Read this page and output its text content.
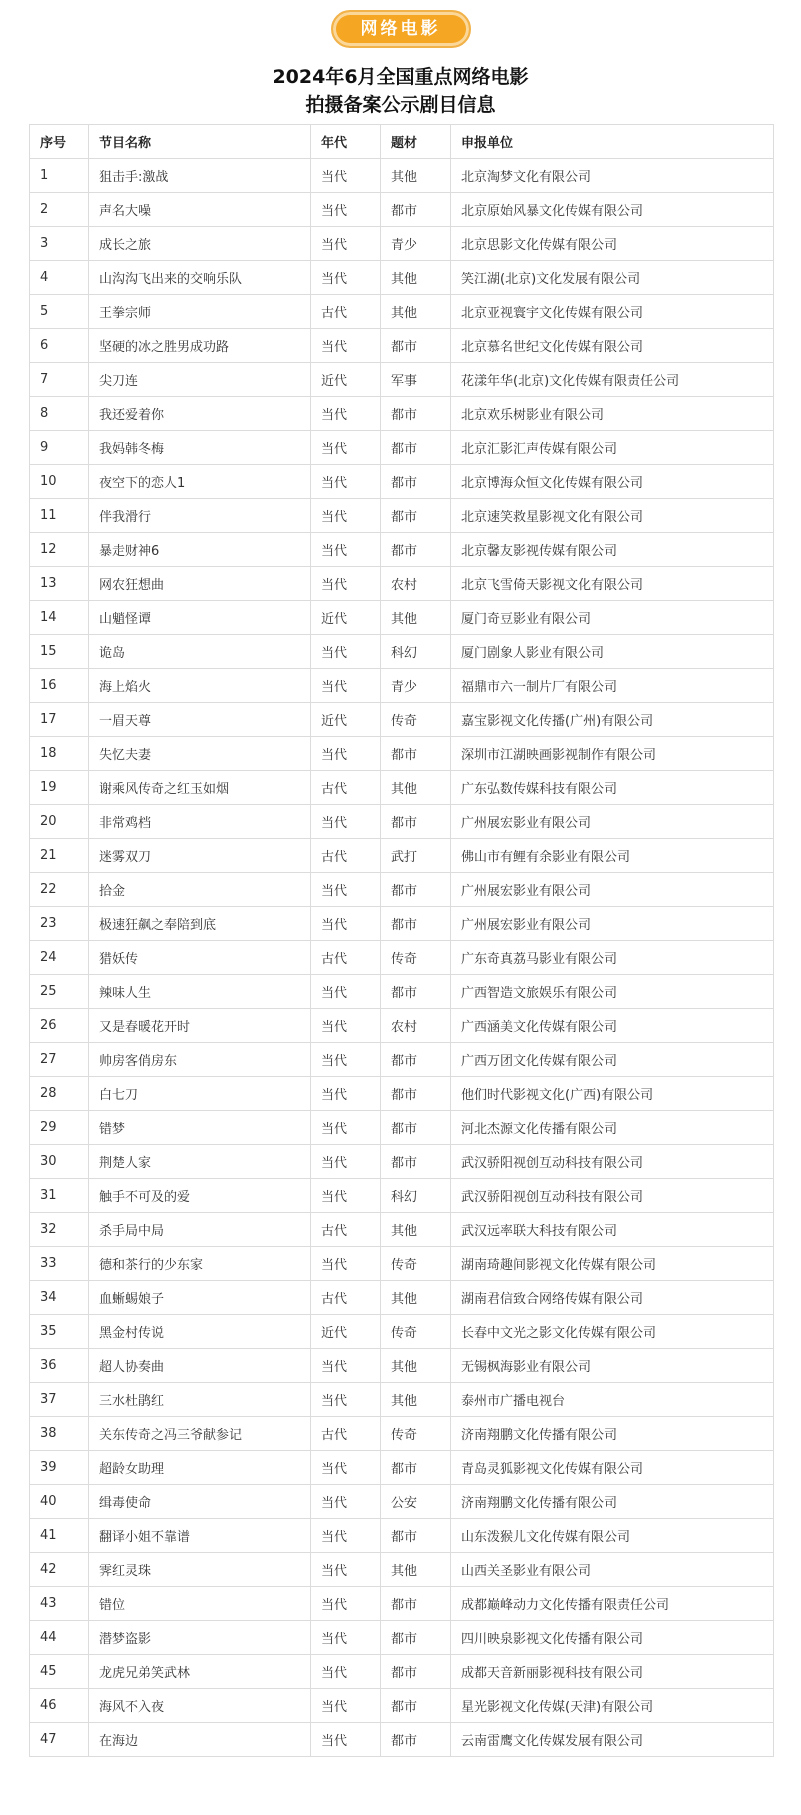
网络电影
2024年6月全国重点网络电影
拍摄备案公示剧目信息
序号	节目名称	年代	题材	申报单位
1	狙击手:激战	当代	其他	北京淘梦文化有限公司
2	声名大噪	当代	都市	北京原始风暴文化传媒有限公司
3	成长之旅	当代	青少	北京思影文化传媒有限公司
4	山沟沟飞出来的交响乐队	当代	其他	笑江湖(北京)文化发展有限公司
5	王拳宗师	古代	其他	北京亚视寰宇文化传媒有限公司
6	坚硬的冰之胜男成功路	当代	都市	北京慕名世纪文化传媒有限公司
7	尖刀连	近代	军事	花漾年华(北京)文化传媒有限责任公司
8	我还爱着你	当代	都市	北京欢乐树影业有限公司
9	我妈韩冬梅	当代	都市	北京汇影汇声传媒有限公司
10	夜空下的恋人1	当代	都市	北京博海众恒文化传媒有限公司
11	伴我滑行	当代	都市	北京速笑救星影视文化有限公司
12	暴走财神6	当代	都市	北京馨友影视传媒有限公司
13	网农狂想曲	当代	农村	北京飞雪倚天影视文化有限公司
14	山魈怪谭	近代	其他	厦门奇豆影业有限公司
15	诡岛	当代	科幻	厦门剧象人影业有限公司
16	海上焰火	当代	青少	福鼎市六一制片厂有限公司
17	一眉天尊	近代	传奇	嘉宝影视文化传播(广州)有限公司
18	失忆夫妻	当代	都市	深圳市江湖映画影视制作有限公司
19	谢乘风传奇之红玉如烟	古代	其他	广东弘数传媒科技有限公司
20	非常鸡档	当代	都市	广州展宏影业有限公司
21	迷雾双刀	古代	武打	佛山市有鲤有余影业有限公司
22	拾金	当代	都市	广州展宏影业有限公司
23	极速狂飙之奉陪到底	当代	都市	广州展宏影业有限公司
24	猎妖传	古代	传奇	广东奇真荔马影业有限公司
25	辣味人生	当代	都市	广西智造文旅娱乐有限公司
26	又是春暖花开时	当代	农村	广西涵美文化传媒有限公司
27	帅房客俏房东	当代	都市	广西万团文化传媒有限公司
28	白七刀	当代	都市	他们时代影视文化(广西)有限公司
29	错梦	当代	都市	河北杰源文化传播有限公司
30	荆楚人家	当代	都市	武汉骄阳视创互动科技有限公司
31	触手不可及的爱	当代	科幻	武汉骄阳视创互动科技有限公司
32	杀手局中局	古代	其他	武汉远率联大科技有限公司
33	德和茶行的少东家	当代	传奇	湖南琦趣间影视文化传媒有限公司
34	血蜥蜴娘子	古代	其他	湖南君信致合网络传媒有限公司
35	黑金村传说	近代	传奇	长春中文光之影文化传媒有限公司
36	超人协奏曲	当代	其他	无锡枫海影业有限公司
37	三水杜鹃红	当代	其他	泰州市广播电视台
38	关东传奇之冯三爷献参记	古代	传奇	济南翔鹏文化传播有限公司
39	超龄女助理	当代	都市	青岛灵狐影视文化传媒有限公司
40	缉毒使命	当代	公安	济南翔鹏文化传播有限公司
41	翻译小姐不靠谱	当代	都市	山东泼猴儿文化传媒有限公司
42	霁红灵珠	当代	其他	山西关圣影业有限公司
43	错位	当代	都市	成都巅峰动力文化传播有限责任公司
44	潜梦盗影	当代	都市	四川映泉影视文化传播有限公司
45	龙虎兄弟笑武林	当代	都市	成都天音新丽影视科技有限公司
46	海风不入夜	当代	都市	星光影视文化传媒(天津)有限公司
47	在海边	当代	都市	云南雷鹰文化传媒发展有限公司
